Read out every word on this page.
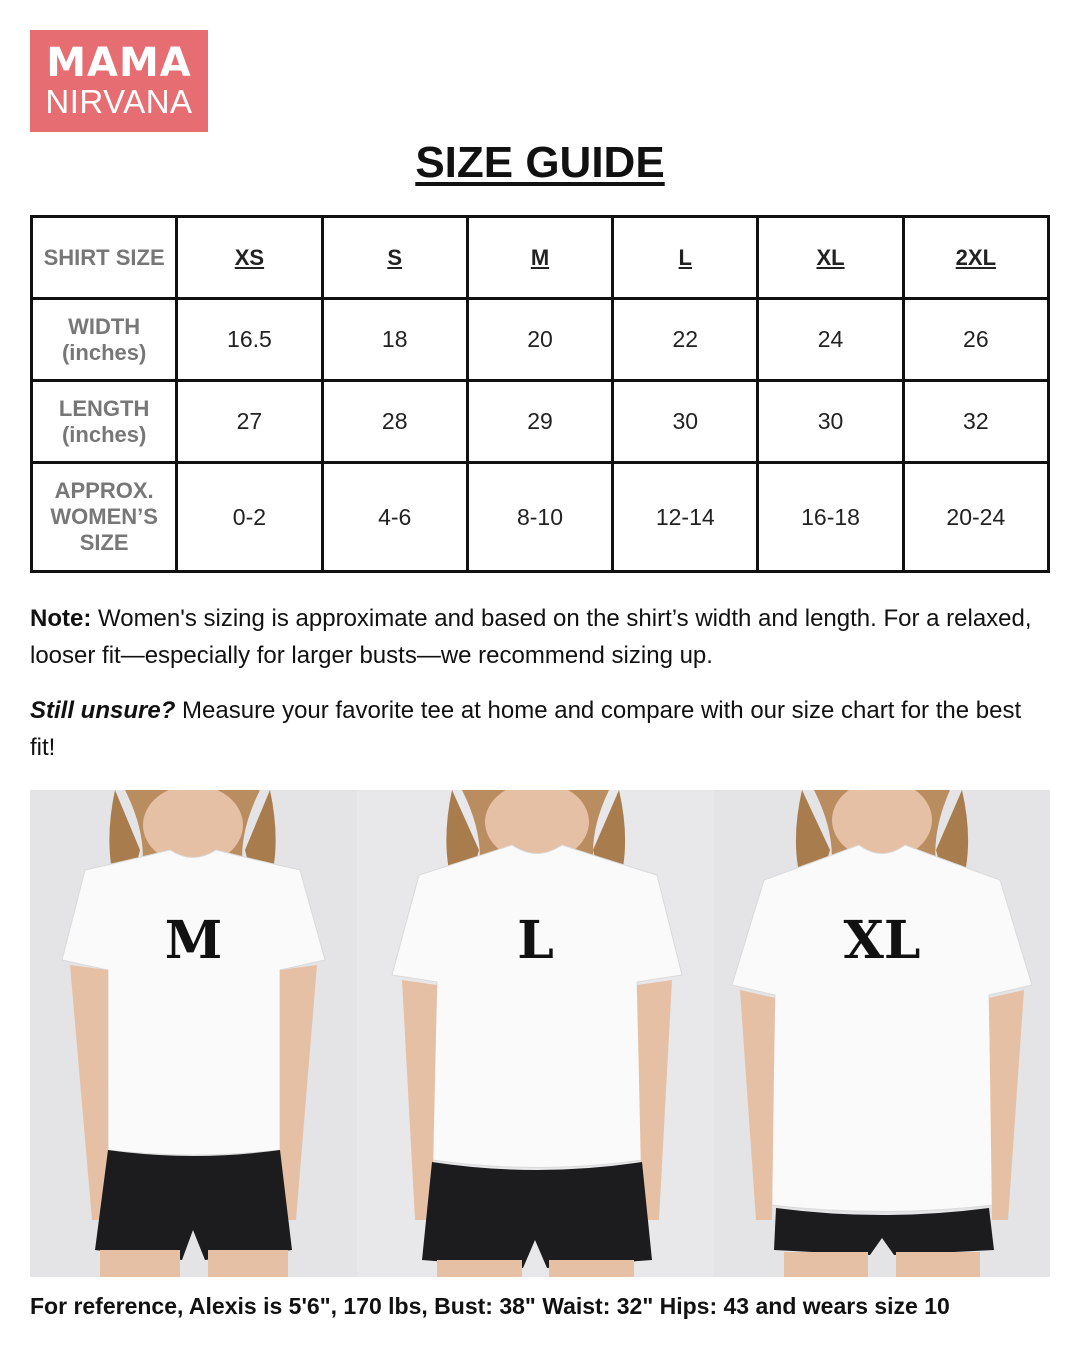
MAMA
NIRVANA
SIZE GUIDE
SHIRT SIZE	XS	S	M	L	XL	2XL
WIDTH
(inches)	16.5	18	20	22	24	26
LENGTH
(inches)	27	28	29	30	30	32
APPROX.
WOMEN’S
SIZE	0-2	4-6	8-10	12-14	16-18	20-24

Note: Women's sizing is approximate and based on the shirt’s width and length. For a relaxed, looser fit—especially for larger busts—we recommend sizing up.

Still unsure? Measure your favorite tee at home and compare with our size chart for the best fit!

M	L	XL

For reference, Alexis is 5'6", 170 lbs, Bust: 38" Waist: 32" Hips: 43 and wears size 10
